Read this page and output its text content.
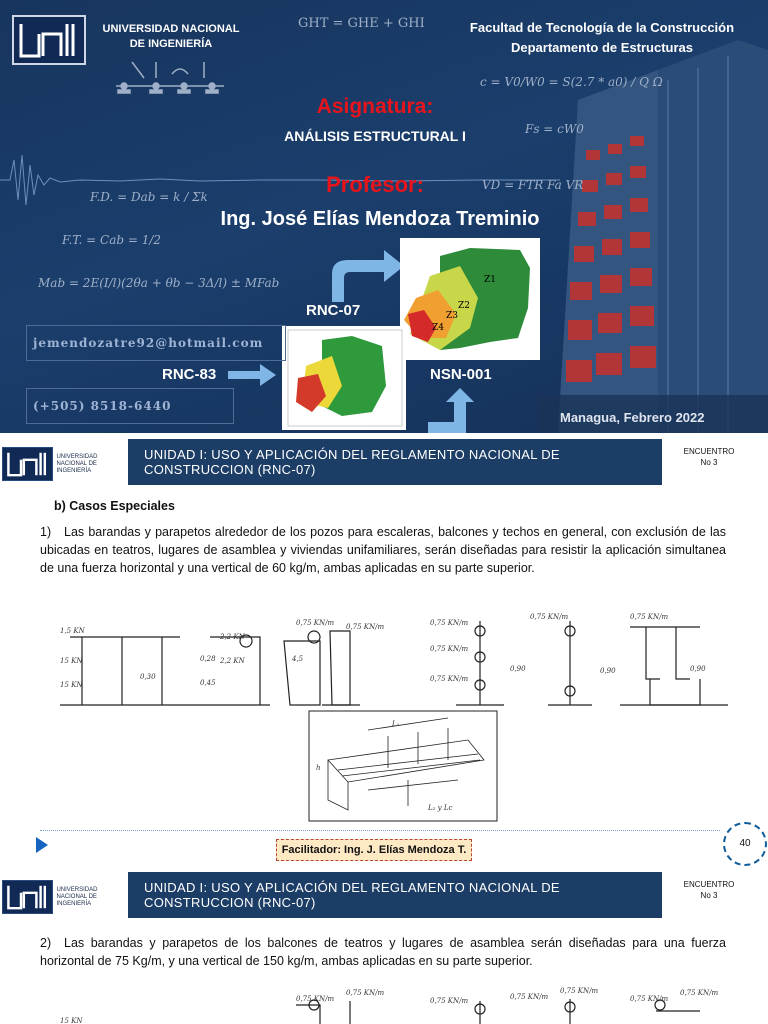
UNIVERSIDAD NACIONAL DE INGENIERÍA
GHT = GHE + GHI	Facultad de Tecnología de la Construcción
Departamento de Estructuras
c = V0/W0 = S(2.7 * a0) / Q Ω
Fs = cW0
VD = FTR Fa VR
Asignatura:
ANÁLISIS ESTRUCTURAL I
Profesor:
Ing. José Elías Mendoza Treminio
F.D. = Dab = k / Σk
F.T. = Cab = 1/2
Mab = 2E(I/l)(2θa + θb − 3Δ/l) ± MFab
RNC-07
RNC-83	NSN-001
Z1
Z2
Z3
Z4
jemendozatre92@hotmail.com
(+505) 8518-6440
Managua, Febrero 2022
UNIVERSIDAD NACIONAL DE INGENIERÍA
UNIDAD I: USO Y APLICACIÓN DEL REGLAMENTO NACIONAL DE
CONSTRUCCION (RNC-07)
ENCUENTRO
No 3
b) Casos Especiales
1) Las barandas y parapetos alrededor de los pozos para escaleras, balcones y techos en general, con exclusión de las ubicadas en teatros, lugares de asamblea y viviendas unifamiliares, serán diseñadas para resistir la aplicación simultanea de una fuerza horizontal y una vertical de 60 kg/m, ambas aplicadas en su parte superior.
1,5 KN
15 KN
15 KN
0,30
0,45
0,28
2,2 KN
2,2 KN
0,75 KN/m 0,75 KN/m
4,5
0,75 KN/m
0,75 KN/m
0,75 KN/m
0,90	0,90
0,75 KN/m	0,75 KN/m
0,90
L₁
L₂ y Lc
h
Facilitador: Ing. J. Elías Mendoza T.
40
UNIVERSIDAD NACIONAL DE INGENIERÍA
UNIDAD I: USO Y APLICACIÓN DEL REGLAMENTO NACIONAL DE
CONSTRUCCION (RNC-07)
ENCUENTRO
No 3
2) Las barandas y parapetos de los balcones de teatros y lugares de asamblea serán diseñadas para una fuerza horizontal de 75 Kg/m, y una vertical de 150 kg/m, ambas aplicadas en su parte superior.
0,75 KN/m
0,75 KN/m
0,75 KN/m	0,75 KN/m
0,75 KN/m
0,75 KN/m
0,75 KN/m
15 KN
